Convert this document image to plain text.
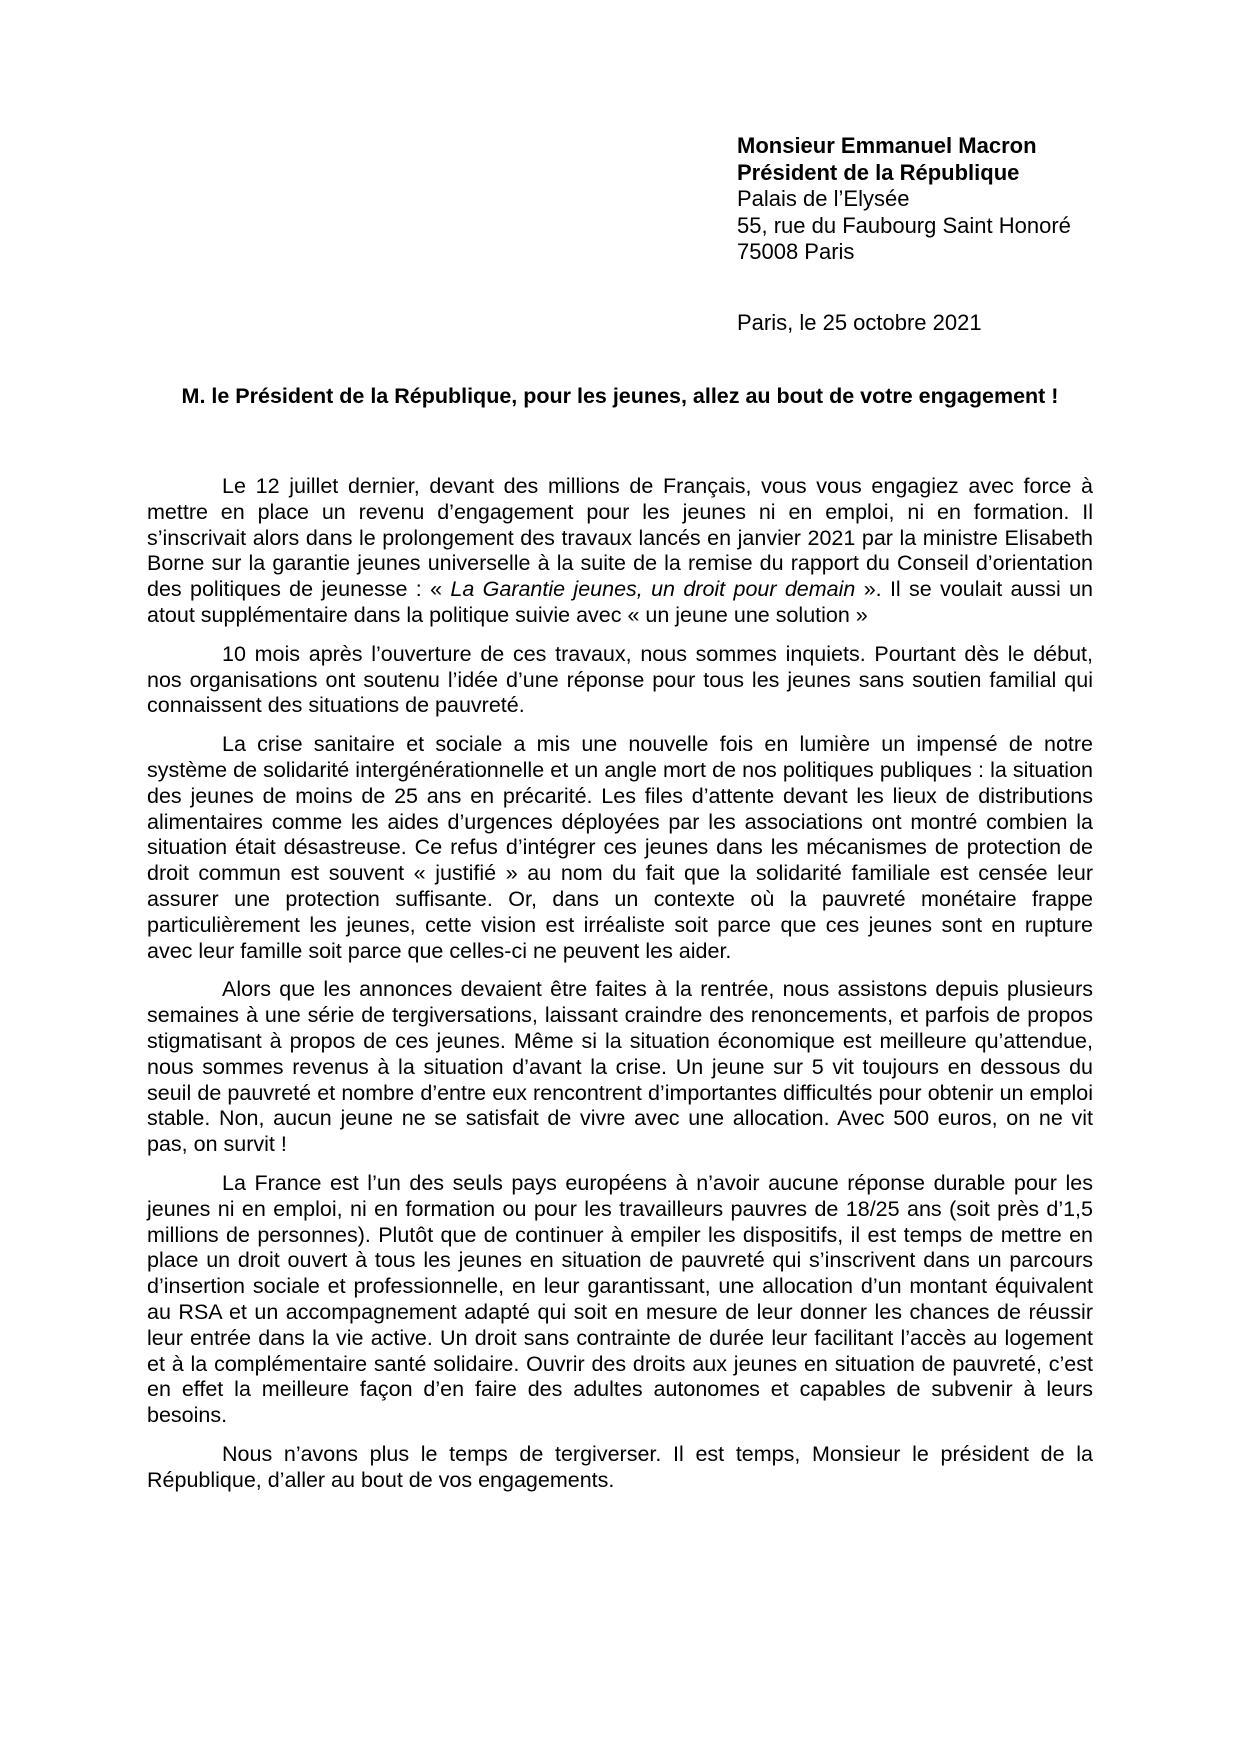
Monsieur Emmanuel Macron
Président de la République
Palais de l’Elysée
55, rue du Faubourg Saint Honoré
75008 Paris
Paris, le 25 octobre 2021
M. le Président de la République, pour les jeunes, allez au bout de votre engagement !

Le 12 juillet dernier, devant des millions de Français, vous vous engagiez avec force à mettre en place un revenu d’engagement pour les jeunes ni en emploi, ni en formation. Il s’inscrivait alors dans le prolongement des travaux lancés en janvier 2021 par la ministre Elisabeth Borne sur la garantie jeunes universelle à la suite de la remise du rapport du Conseil d’orientation des politiques de jeunesse : « La Garantie jeunes, un droit pour demain ». Il se voulait aussi un atout supplémentaire dans la politique suivie avec « un jeune une solution »

10 mois après l’ouverture de ces travaux, nous sommes inquiets. Pourtant dès le début, nos organisations ont soutenu l’idée d’une réponse pour tous les jeunes sans soutien familial qui connaissent des situations de pauvreté.

La crise sanitaire et sociale a mis une nouvelle fois en lumière un impensé de notre système de solidarité intergénérationnelle et un angle mort de nos politiques publiques : la situation des jeunes de moins de 25 ans en précarité. Les files d’attente devant les lieux de distributions alimentaires comme les aides d’urgences déployées par les associations ont montré combien la situation était désastreuse. Ce refus d’intégrer ces jeunes dans les mécanismes de protection de droit commun est souvent « justifié » au nom du fait que la solidarité familiale est censée leur assurer une protection suffisante. Or, dans un contexte où la pauvreté monétaire frappe particulièrement les jeunes, cette vision est irréaliste soit parce que ces jeunes sont en rupture avec leur famille soit parce que celles-ci ne peuvent les aider.

Alors que les annonces devaient être faites à la rentrée, nous assistons depuis plusieurs semaines à une série de tergiversations, laissant craindre des renoncements, et parfois de propos stigmatisant à propos de ces jeunes. Même si la situation économique est meilleure qu’attendue, nous sommes revenus à la situation d’avant la crise. Un jeune sur 5 vit toujours en dessous du seuil de pauvreté et nombre d’entre eux rencontrent d’importantes difficultés pour obtenir un emploi stable. Non, aucun jeune ne se satisfait de vivre avec une allocation. Avec 500 euros, on ne vit pas, on survit !

La France est l’un des seuls pays européens à n’avoir aucune réponse durable pour les jeunes ni en emploi, ni en formation ou pour les travailleurs pauvres de 18/25 ans (soit près d’1,5 millions de personnes). Plutôt que de continuer à empiler les dispositifs, il est temps de mettre en place un droit ouvert à tous les jeunes en situation de pauvreté qui s’inscrivent dans un parcours d’insertion sociale et professionnelle, en leur garantissant, une allocation d’un montant équivalent au RSA et un accompagnement adapté qui soit en mesure de leur donner les chances de réussir leur entrée dans la vie active. Un droit sans contrainte de durée leur facilitant l’accès au logement et à la complémentaire santé solidaire. Ouvrir des droits aux jeunes en situation de pauvreté, c’est en effet la meilleure façon d’en faire des adultes autonomes et capables de subvenir à leurs besoins.

Nous n’avons plus le temps de tergiverser. Il est temps, Monsieur le président de la République, d’aller au bout de vos engagements.
